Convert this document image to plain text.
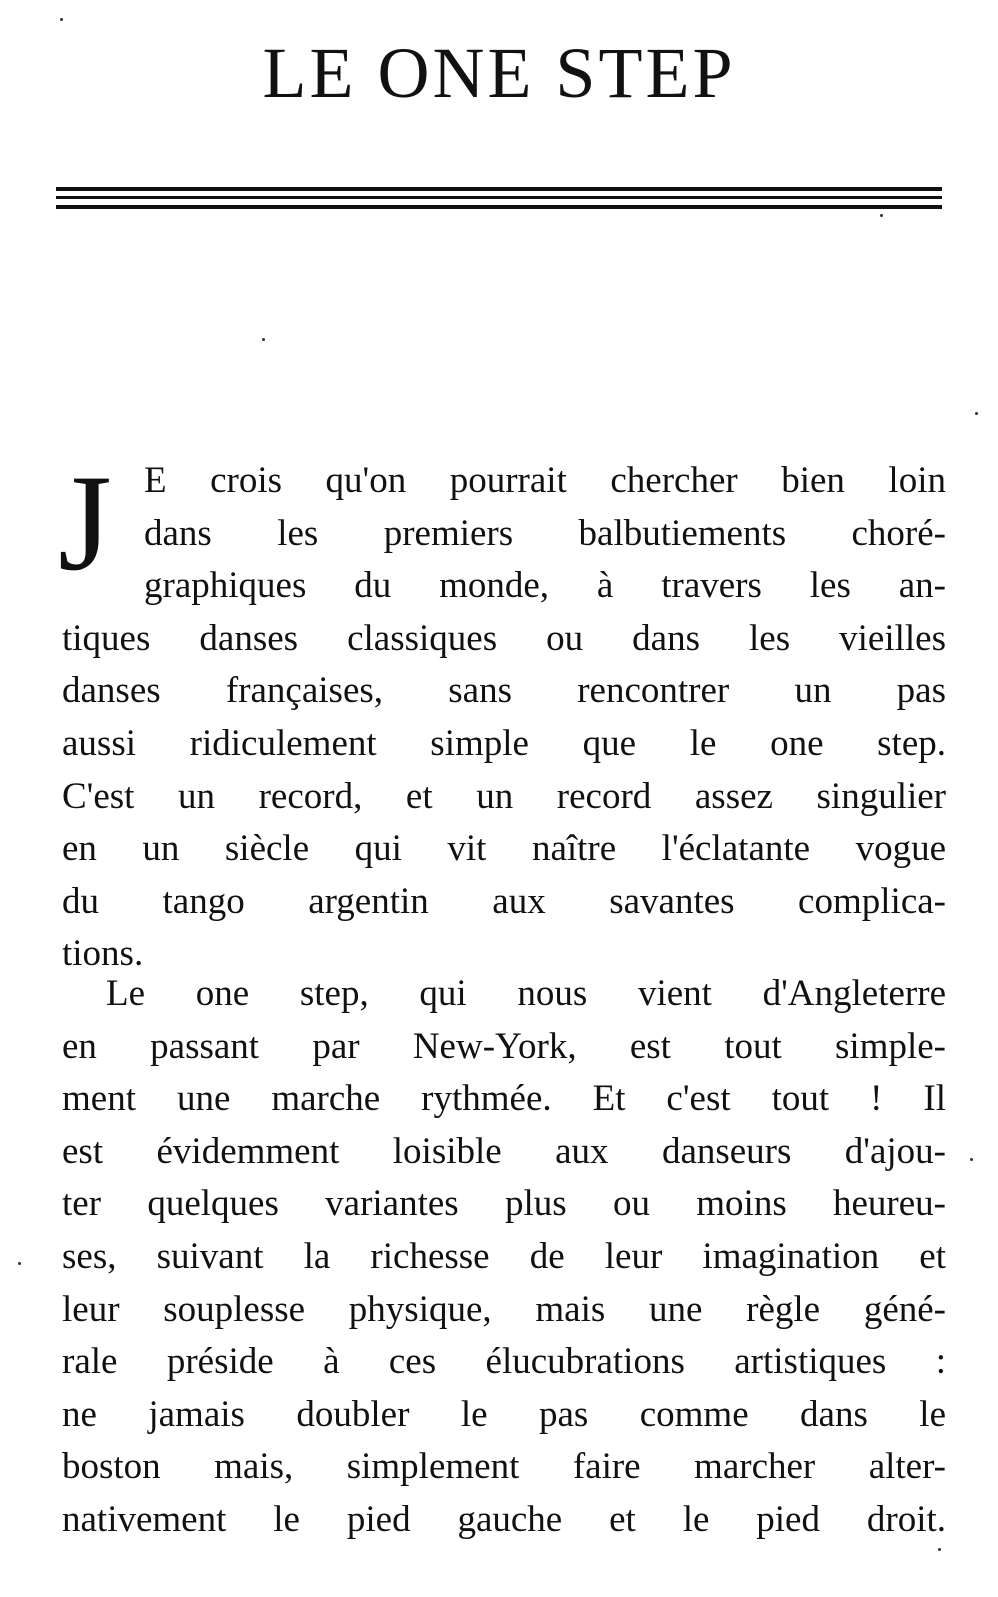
LE ONE STEP
J E crois qu'on pourrait chercher bien loin
dans les premiers balbutiements choré-
graphiques du monde, à travers les an-
tiques danses classiques ou dans les vieilles
danses françaises, sans rencontrer un pas
aussi ridiculement simple que le one step.
C'est un record, et un record assez singulier
en un siècle qui vit naître l'éclatante vogue
du tango argentin aux savantes complica-
tions.
Le one step, qui nous vient d'Angleterre
en passant par New-York, est tout simple-
ment une marche rythmée. Et c'est tout ! Il
est évidemment loisible aux danseurs d'ajou-
ter quelques variantes plus ou moins heureu-
ses, suivant la richesse de leur imagination et
leur souplesse physique, mais une règle géné-
rale préside à ces élucubrations artistiques :
ne jamais doubler le pas comme dans le
boston mais, simplement faire marcher alter-
nativement le pied gauche et le pied droit.
